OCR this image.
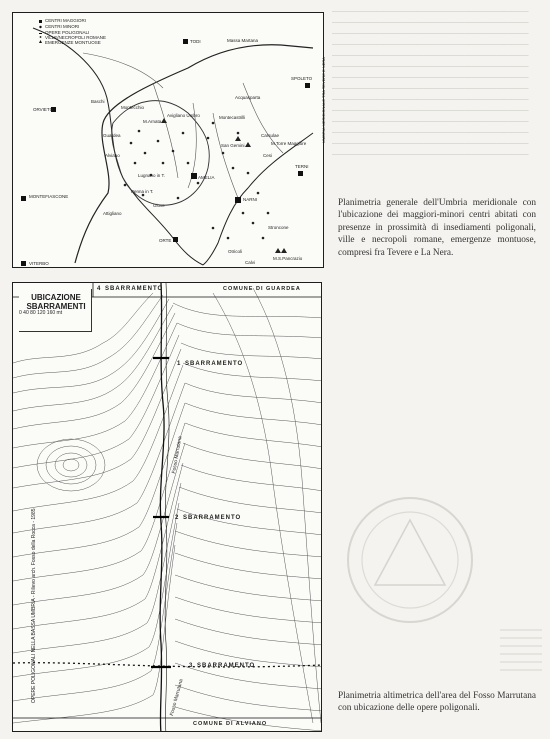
─────────────────────────────────────
─────────────────────────────────────
─────────────────────────────────────
─────────────────────────────────────
─────────────────────────────────────
─────────────────────────────────────
─────────────────────────────────────
─────────────────────────────────────
─────────────────────────────────────
─────────────────────────────────────
─────────────────────────────────────
─────────────────────────────────────
─────────────────────────────────────
─────────────────────────────────────
CENTRI MAGGIORI
CENTRI MINORI
OPERE POLIGONALI
VILLE/NECROPOLI ROMANE
EMERGENZE MONTUOSE	TODI	Massa Martana
ORVIETO
SPOLETO
Acquasparta
Montecastrilli
Avigliano Umbro
TERNI
NARNI
AMELIA
MONTEFIASCONE
ORTE
Otricoli
VITERBO
Guardea
Alviano
Lugnano in T.
Giove
Penna in T.
Stroncone
Calvi
Attigliano
Montecchio
Baschi
Cesi
Carsulae
San Gemini	M.Torre Maggiore
M.Arnata
M.S.Pancrazio
UMBRIA MERIDIONALE TRA TEVERE E NERA
UBICAZIONE SBARRAMENTI
0 40 80 120 160 mt
COMUNE DI GUARDEA
COMUNE DI ALVIANO
4 SBARRAMENTO
1 SBARRAMENTO
2 SBARRAMENTO
3 SBARRAMENTO
Fosso Marrutana
Fosso Marrutana
OPERE POLIGONALI NELLA BASSA UMBRIA - Rilievo arch. Fosso della Rocca - 1985
Planimetria generale dell'Umbria meridionale con l'ubicazione dei maggiori-minori centri abitati con presenze in prossimità di insediamenti poligonali, ville e necropoli romane, emergenze montuose, compresi fra Tevere e La Nera.
Planimetria altimetrica dell'area del Fosso Marrutana con ubicazione delle opere poligonali.
